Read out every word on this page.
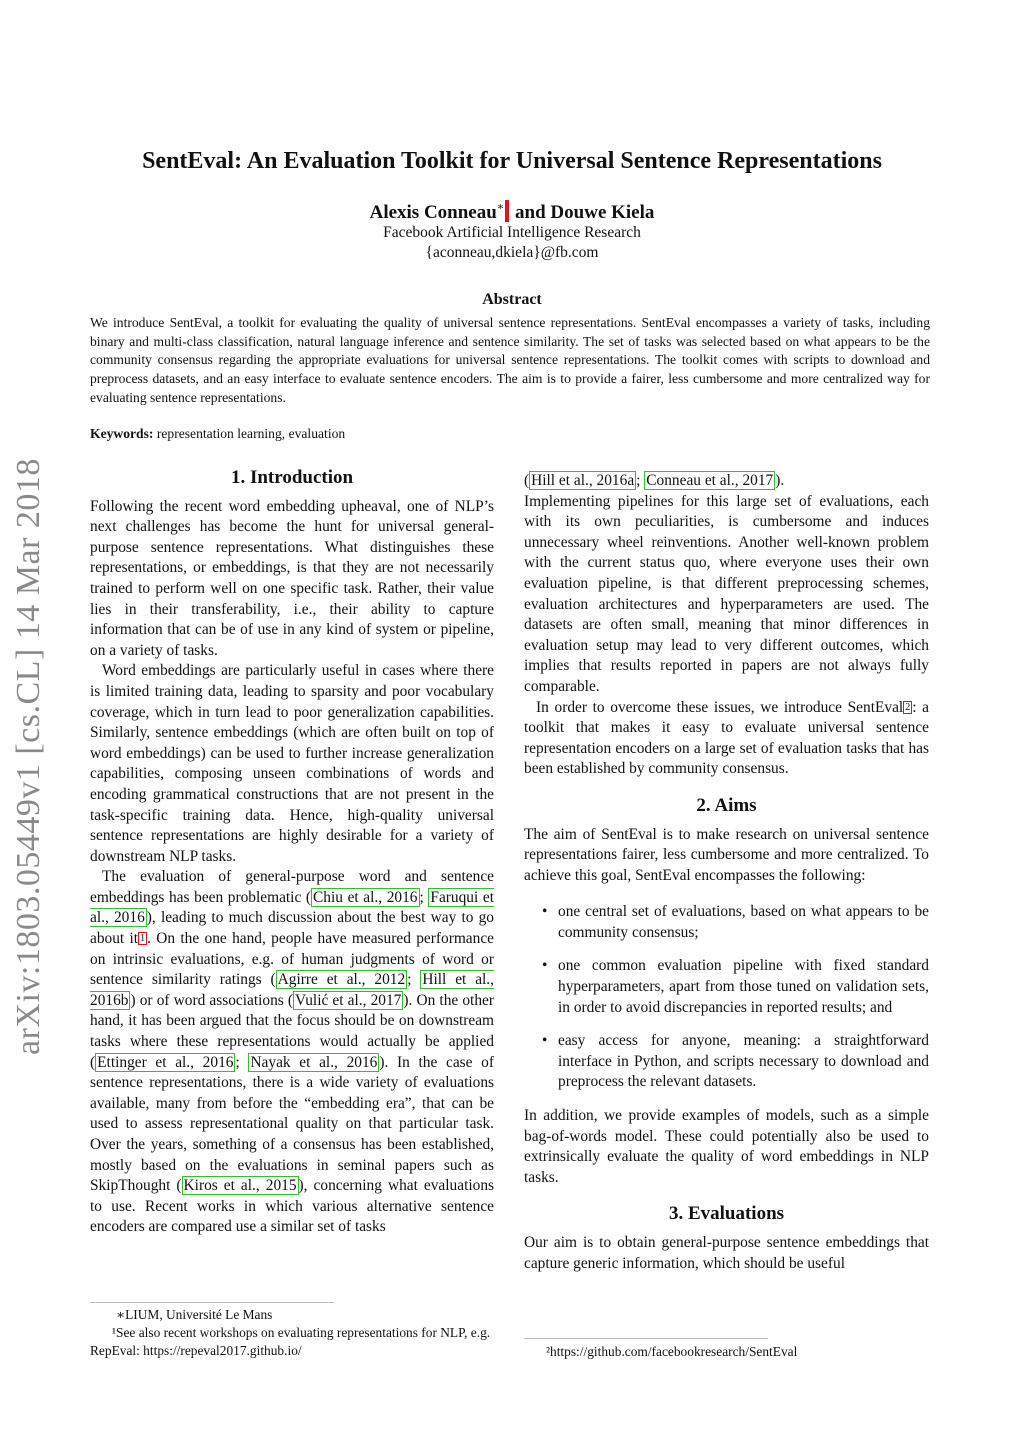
SentEval: An Evaluation Toolkit for Universal Sentence Representations
Alexis Conneau∗ and Douwe Kiela
Facebook Artificial Intelligence Research
{aconneau,dkiela}@fb.com
Abstract
We introduce SentEval, a toolkit for evaluating the quality of universal sentence representations. SentEval encompasses a variety of tasks, including binary and multi-class classification, natural language inference and sentence similarity. The set of tasks was selected based on what appears to be the community consensus regarding the appropriate evaluations for universal sentence representations. The toolkit comes with scripts to download and preprocess datasets, and an easy interface to evaluate sentence encoders. The aim is to provide a fairer, less cumbersome and more centralized way for evaluating sentence representations.
Keywords: representation learning, evaluation
arXiv:1803.05449v1 [cs.CL] 14 Mar 2018	1. Introduction

Following the recent word embedding upheaval, one of NLP’s next challenges has become the hunt for universal general-purpose sentence representations. What distinguishes these representations, or embeddings, is that they are not necessarily trained to perform well on one specific task. Rather, their value lies in their transferability, i.e., their ability to capture information that can be of use in any kind of system or pipeline, on a variety of tasks.

Word embeddings are particularly useful in cases where there is limited training data, leading to sparsity and poor vocabulary coverage, which in turn lead to poor generalization capabilities. Similarly, sentence embeddings (which are often built on top of word embeddings) can be used to further increase generalization capabilities, composing unseen combinations of words and encoding grammatical constructions that are not present in the task-specific training data. Hence, high-quality universal sentence representations are highly desirable for a variety of downstream NLP tasks.

The evaluation of general-purpose word and sentence embeddings has been problematic ( Chiu et al., 2016 ; Faruqui et al., 2016 ), leading to much discussion about the best way to go about it $^1$ . On the one hand, people have measured performance on intrinsic evaluations, e.g. of human judgments of word or sentence similarity ratings ( Agirre et al., 2012 ; Hill et al., 2016b ) or of word associations ( Vulić et al., 2017 ). On the other hand, it has been argued that the focus should be on downstream tasks where these representations would actually be applied ( Ettinger et al., 2016 ; Nayak et al., 2016 ). In the case of sentence representations, there is a wide variety of evaluations available, many from before the “embedding era”, that can be used to assess representational quality on that particular task. Over the years, something of a consensus has been established, mostly based on the evaluations in seminal papers such as SkipThought ( Kiros et al., 2015 ), concerning what evaluations to use. Recent works in which various alternative sentence encoders are compared use a similar set of tasks

∗LIUM, Université Le Mans
¹See also recent workshops on evaluating representations for NLP, e.g. RepEval: https://repeval2017.github.io/
( Hill et al., 2016a ; Conneau et al., 2017 ).

Implementing pipelines for this large set of evaluations, each with its own peculiarities, is cumbersome and induces unnecessary wheel reinventions. Another well-known problem with the current status quo, where everyone uses their own evaluation pipeline, is that different preprocessing schemes, evaluation architectures and hyperparameters are used. The datasets are often small, meaning that minor differences in evaluation setup may lead to very different outcomes, which implies that results reported in papers are not always fully comparable.

In order to overcome these issues, we introduce SentEval $^2$ : a toolkit that makes it easy to evaluate universal sentence representation encoders on a large set of evaluation tasks that has been established by community consensus.

2. Aims

The aim of SentEval is to make research on universal sentence representations fairer, less cumbersome and more centralized. To achieve this goal, SentEval encompasses the following:

• one central set of evaluations, based on what appears to be community consensus;
• one common evaluation pipeline with fixed standard hyperparameters, apart from those tuned on validation sets, in order to avoid discrepancies in reported results; and
• easy access for anyone, meaning: a straightforward interface in Python, and scripts necessary to download and preprocess the relevant datasets.

In addition, we provide examples of models, such as a simple bag-of-words model. These could potentially also be used to extrinsically evaluate the quality of word embeddings in NLP tasks.

3. Evaluations

Our aim is to obtain general-purpose sentence embeddings that capture generic information, which should be useful

²https://github.com/facebookresearch/SentEval
